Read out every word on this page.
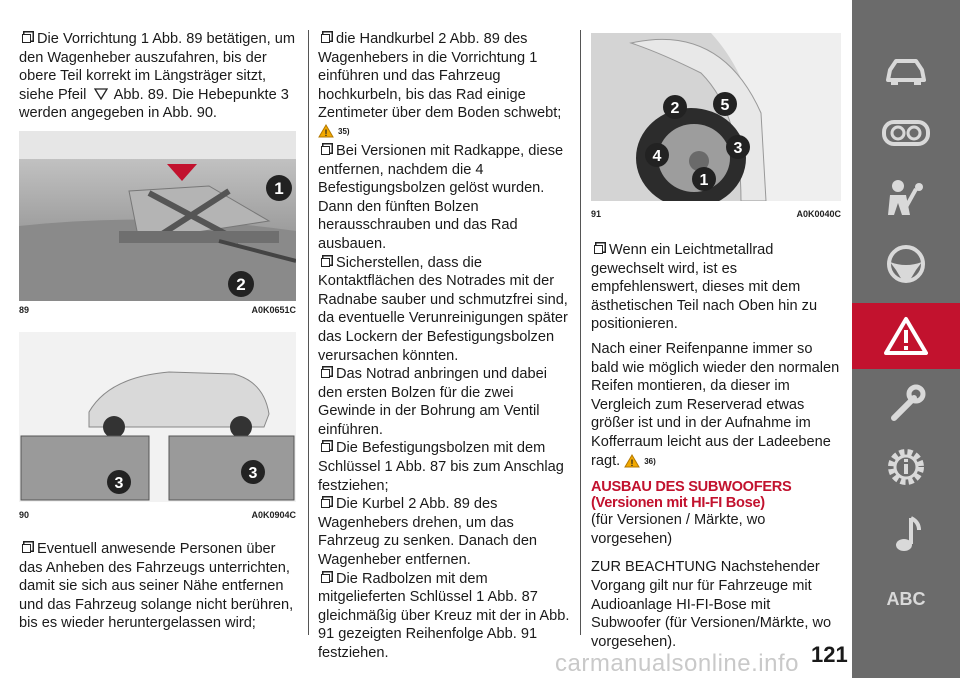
Die Vorrichtung 1 Abb. 89 betätigen, um den Wagenheber auszufahren, bis der obere Teil korrekt im Längsträger sitzt, siehe Pfeil Abb. 89. Die Hebepunkte 3 werden angegeben in Abb. 90.

1
2
89	A0K0651C
3
3
90	A0K0904C

Eventuell anwesende Personen über das Anheben des Fahrzeugs unterrichten, damit sie sich aus seiner Nähe entfernen und das Fahrzeug solange nicht berühren, bis es wieder heruntergelassen wird;

die Handkurbel 2 Abb. 89 des Wagenhebers in die Vorrichtung 1 einführen und das Fahrzeug hochkurbeln, bis das Rad einige Zentimeter über dem Boden schwebt;

! 35)

Bei Versionen mit Radkappe, diese entfernen, nachdem die 4 Befestigungsbolzen gelöst wurden. Dann den fünften Bolzen herausschrauben und das Rad ausbauen.

Sicherstellen, dass die Kontaktflächen des Notrades mit der Radnabe sauber und schmutzfrei sind, da eventuelle Verunreinigungen später das Lockern der Befestigungsbolzen verursachen könnten.

Das Notrad anbringen und dabei den ersten Bolzen für die zwei Gewinde in der Bohrung am Ventil einführen.

Die Befestigungsbolzen mit dem Schlüssel 1 Abb. 87 bis zum Anschlag festziehen;

Die Kurbel 2 Abb. 89 des Wagenhebers drehen, um das Fahrzeug zu senken. Danach den Wagenheber entfernen.

Die Radbolzen mit dem mitgelieferten Schlüssel 1 Abb. 87 gleichmäßig über Kreuz mit der in Abb. 91 gezeigten Reihenfolge Abb. 91 festziehen.

2	5
4	3
1
91	A0K0040C

Wenn ein Leichtmetallrad gewechselt wird, ist es empfehlenswert, dieses mit dem ästhetischen Teil nach Oben hin zu positionieren.

Nach einer Reifenpanne immer so bald wie möglich wieder den normalen Reifen montieren, da dieser im Vergleich zum Reserverad etwas größer ist und in der Aufnahme im Kofferraum leicht aus der Ladeebene ragt. ! 36)

AUSBAU DES SUBWOOFERS
(Versionen mit HI-FI Bose)

(für Versionen / Märkte, wo vorgesehen)

ZUR BEACHTUNG Nachstehender Vorgang gilt nur für Fahrzeuge mit Audioanlage HI-FI-Bose mit Subwoofer (für Versionen/Märkte, wo vorgesehen).

ABC
carmanualsonline.info 121
